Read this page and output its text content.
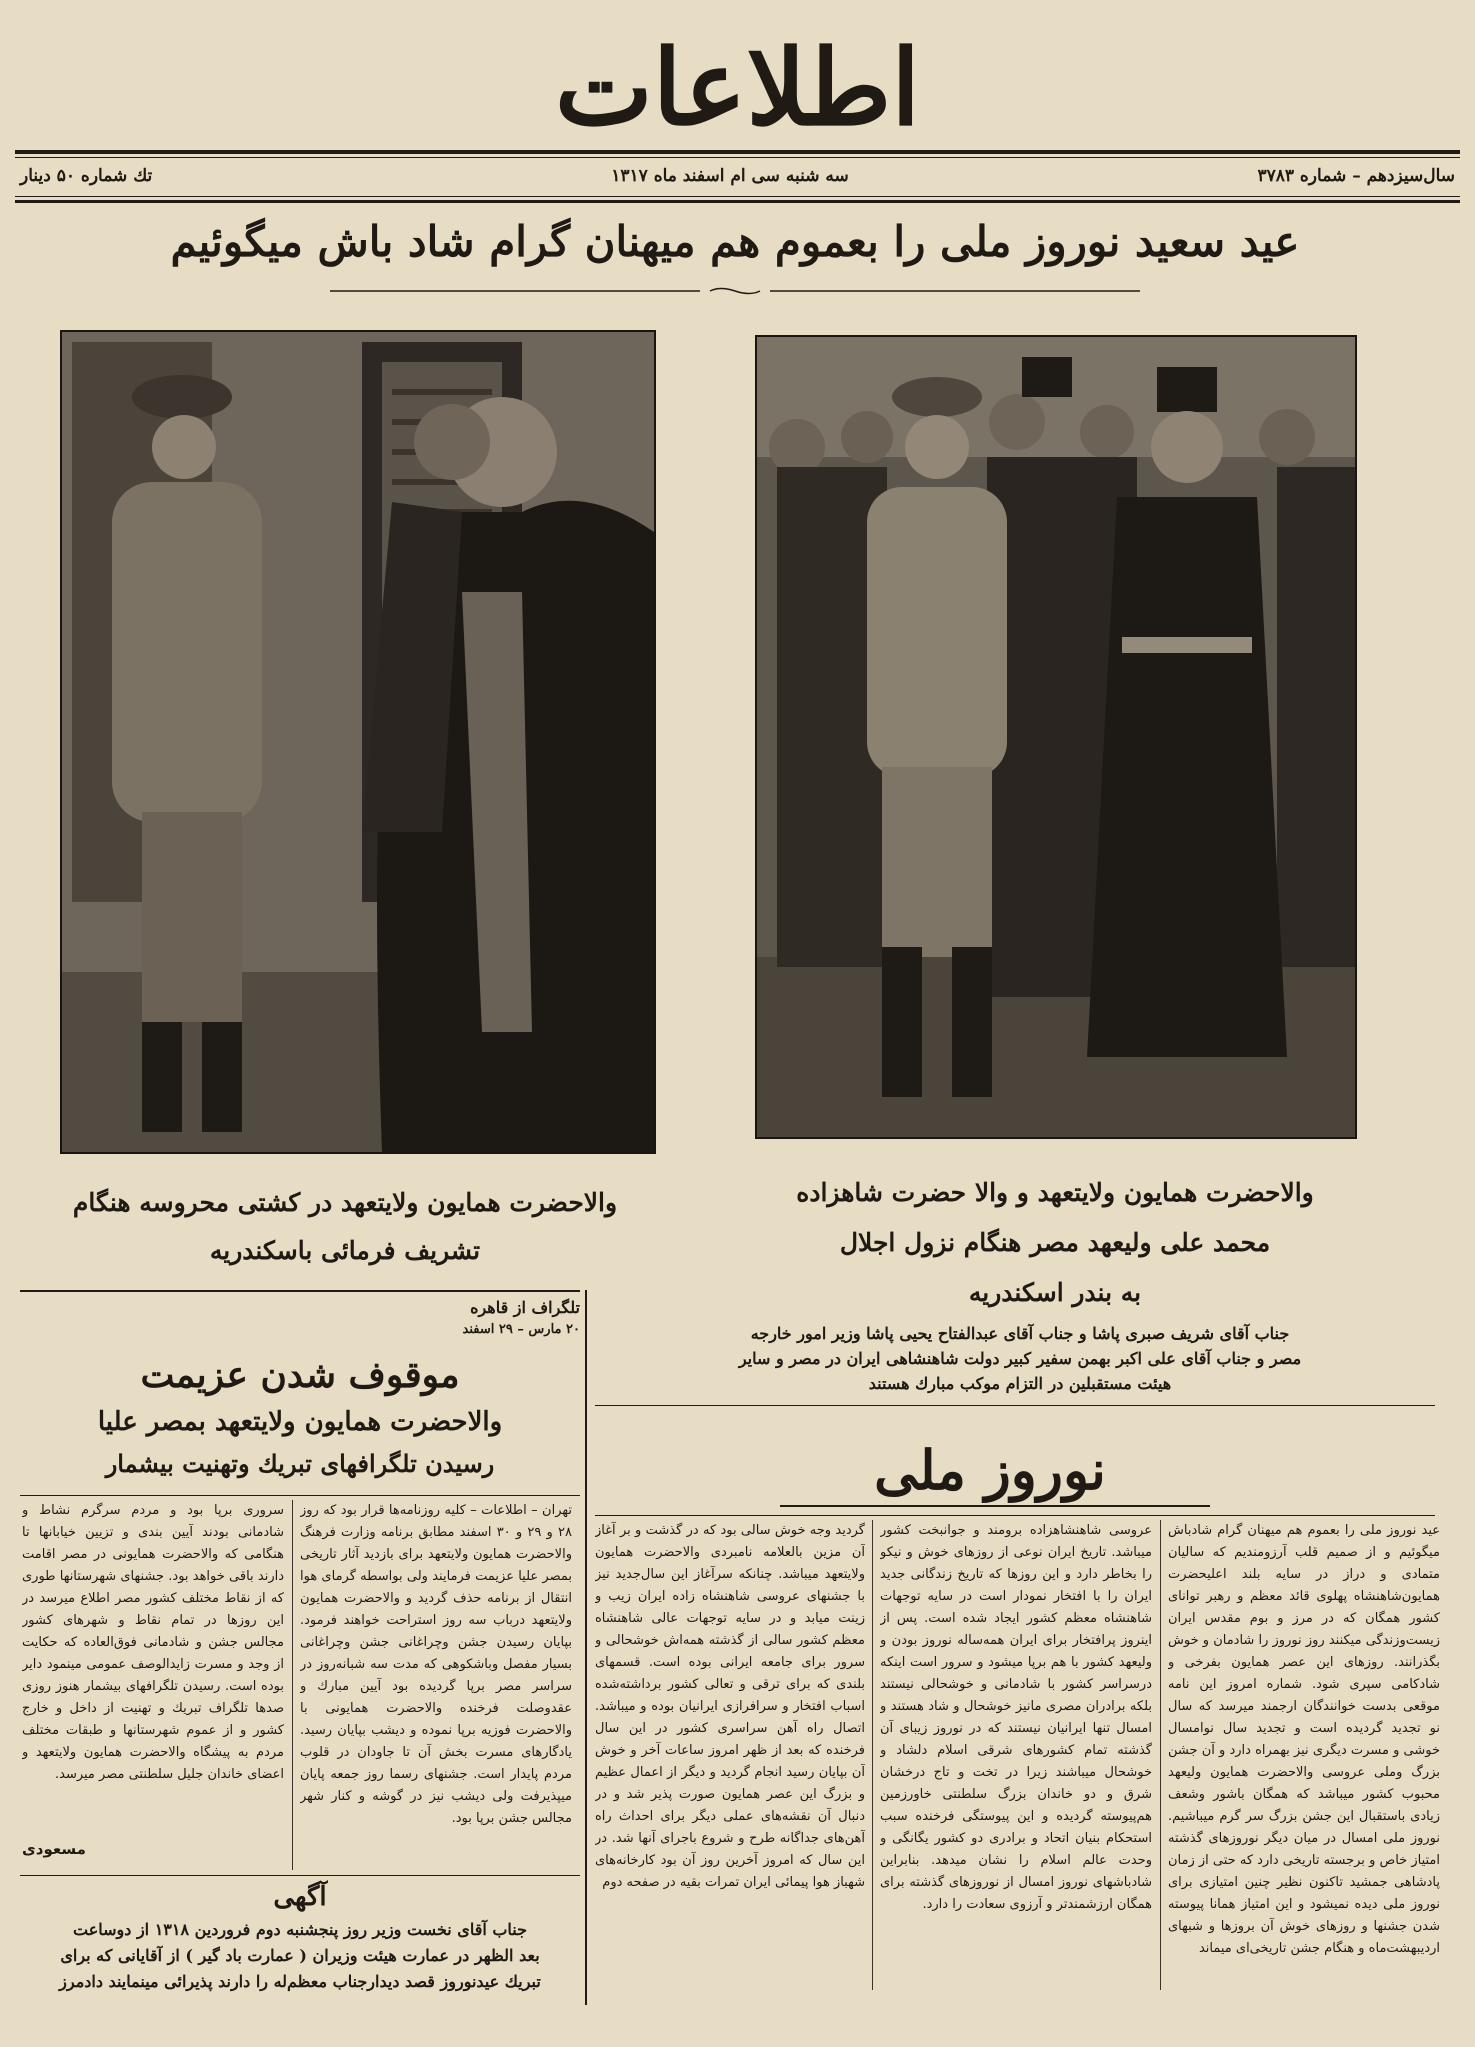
اطلاعات
سال‌سیزدهم – شماره ۳۷۸۳
سه شنبه سی ام اسفند ماه ۱۳۱۷
تك شماره ۵۰ دینار
عید سعید نوروز ملی را بعموم هم میهنان گرام شاد باش میگوئیم
والاحضرت همایون ولایتعهد در کشتی محروسه هنگام
تشریف فرمائی باسکندریه
والاحضرت همایون ولایتعهد و والا حضرت شاهزاده
محمد علی ولیعهد مصر هنگام نزول اجلال
به بندر اسکندریه
جناب آقای شریف صبری پاشا و جناب آقای عبدالفتاح یحیی پاشا وزیر امور خارجه
مصر و جناب آقای علی اکبر بهمن سفیر کبیر دولت شاهنشاهی ایران در مصر و سایر
هیئت مستقبلین در التزام موکب مبارك هستند
تلگراف از قاهره
۲۰ مارس – ۲۹ اسفند
موقوف شدن عزیمت
والاحضرت همایون ولایتعهد بمصر علیا
رسیدن تلگرافهای تبریك وتهنیت بیشمار
تهران – اطلاعات – کلیه روزنامه‌ها قرار بود که روز ۲۸ و ۲۹ و ۳۰ اسفند مطابق برنامه وزارت فرهنگ والاحضرت همایون ولایتعهد برای بازدید آثار تاریخی بمصر علیا عزیمت فرمایند ولی بواسطه گرمای هوا انتقال از برنامه حذف گردید و والاحضرت همایون ولایتعهد درباب سه روز استراحت خواهند فرمود. بپایان رسیدن جشن وچراغانی جشن وچراغانی بسیار مفصل وباشکوهی که مدت سه شبانه‌روز در سراسر مصر برپا گردیده بود آیین مبارك و عقدوصلت فرخنده والاحضرت همایونی با والاحضرت فوزیه برپا نموده و دیشب بپایان رسید. یادگارهای مسرت بخش آن تا جاودان در قلوب مردم پایدار است. جشنهای رسما روز جمعه پایان میپذیرفت ولی دیشب نیز در گوشه و کنار شهر مجالس جشن برپا بود.
سروری برپا بود و مردم سرگرم نشاط و شادمانی بودند آیین بندی و تزیین خیابانها تا هنگامی که والاحضرت همایونی در مصر اقامت دارند باقی خواهد بود. جشنهای شهرستانها طوری که از نقاط مختلف کشور مصر اطلاع میرسد در این روزها در تمام نقاط و شهرهای کشور مجالس جشن و شادمانی فوق‌العاده که حکایت از وجد و مسرت زایدالوصف عمومی مینمود دایر بوده است. رسیدن تلگرافهای بیشمار هنوز روزی صدها تلگراف تبریك و تهنیت از داخل و خارج کشور و از عموم شهرستانها و طبقات مختلف مردم به پیشگاه والاحضرت همایون ولایتعهد و اعضای خاندان جلیل سلطنتی مصر میرسد.
مسعودی
آگهی
جناب آقای نخست وزیر روز پنجشنبه دوم فروردین ۱۳۱۸ از دوساعت
بعد الظهر در عمارت هیئت وزیران ( عمارت باد گیر ) از آقایانی که برای
تبریك عیدنوروز قصد دیدارجناب معظم‌له را دارند پذیرائی مینمایند دادمرز
نوروز ملی
عید نوروز ملی را بعموم هم میهنان گرام شادباش میگوئیم و از صمیم قلب آرزومندیم که سالیان متمادی و دراز در سایه بلند اعلیحضرت همایون‌شاهنشاه پهلوی قائد معظم و رهبر توانای کشور همگان که در مرز و بوم مقدس ایران زیست‌وزندگی میکنند روز نوروز را شادمان و خوش بگذرانند. روزهای این عصر همایون بفرخی و شادکامی سپری شود. شماره امروز این نامه موقعی بدست خوانندگان ارجمند میرسد که سال نو تجدید گردیده است و تجدید سال نوامسال خوشی و مسرت دیگری نیز بهمراه دارد و آن جشن بزرگ وملی عروسی والاحضرت همایون ولیعهد محبوب کشور میباشد که همگان باشور وشعف زیادی باستقبال این جشن بزرگ سر گرم میباشیم. نوروز ملی امسال در میان دیگر نوروزهای گذشته امتیاز خاص و برجسته تاریخی دارد که حتی از زمان پادشاهی جمشید تاکنون نظیر چنین امتیازی برای نوروز ملی دیده نمیشود و این امتیاز همانا پیوسته شدن جشنها و روزهای خوش آن بروزها و شبهای اردیبهشت‌ماه و هنگام جشن تاریخی‌ای میماند
عروسی شاهنشاهزاده برومند و جوانبخت کشور میباشد. تاریخ ایران نوعی از روزهای خوش و نیکو را بخاطر دارد و این روزها که تاریخ زندگانی جدید ایران را با افتخار نمودار است در سایه توجهات شاهنشاه معظم کشور ایجاد شده است. پس از اینروز پرافتخار برای ایران همه‌ساله نوروز بودن و ولیعهد کشور با هم برپا میشود و سرور است اینکه درسراسر کشور با شادمانی و خوشحالی نیستند بلکه برادران مصری مانیز خوشحال و شاد هستند و امسال تنها ایرانیان نیستند که در نوروز زیبای آن گذشته تمام کشورهای شرقی اسلام دلشاد و خوشحال میباشند زیرا در تخت و تاج درخشان شرق و دو خاندان بزرگ سلطنتی خاورزمین هم‌پیوسته گردیده و این پیوستگی فرخنده سبب استحکام بنیان اتحاد و برادری دو کشور یگانگی و وحدت عالم اسلام را نشان میدهد. بنابراین شادباشهای نوروز امسال از نوروزهای گذشته برای همگان ارزشمندتر و آرزوی سعادت را دارد.
گردید وجه خوش سالی بود که در گذشت و بر آغاز آن مزین بالعلامه نامبردی والاحضرت همایون ولایتعهد میباشد. چنانکه سرآغاز این سال‌جدید نیز با جشنهای عروسی شاهنشاه زاده ایران زیب و زینت میابد و در سایه توجهات عالی شاهنشاه معظم کشور سالی از گذشته همه‌اش خوشحالی و سرور برای جامعه ایرانی بوده است. قسمهای بلندی که برای ترقی و تعالی کشور برداشته‌شده اسباب افتخار و سرافرازی ایرانیان بوده و میباشد. اتصال راه آهن سراسری کشور در این سال فرخنده که بعد از ظهر امروز ساعات آخر و خوش آن بپایان رسید انجام گردید و دیگر از اعمال عظیم و بزرگ این عصر همایون صورت پذیر شد و در دنبال آن نقشه‌های عملی دیگر برای احداث راه آهن‌های جداگانه طرح و شروع باجرای آنها شد. در این سال که امروز آخرین روز آن بود کارخانه‌های شهباز هوا پیمائی ایران تمرات بقیه در صفحه دوم
